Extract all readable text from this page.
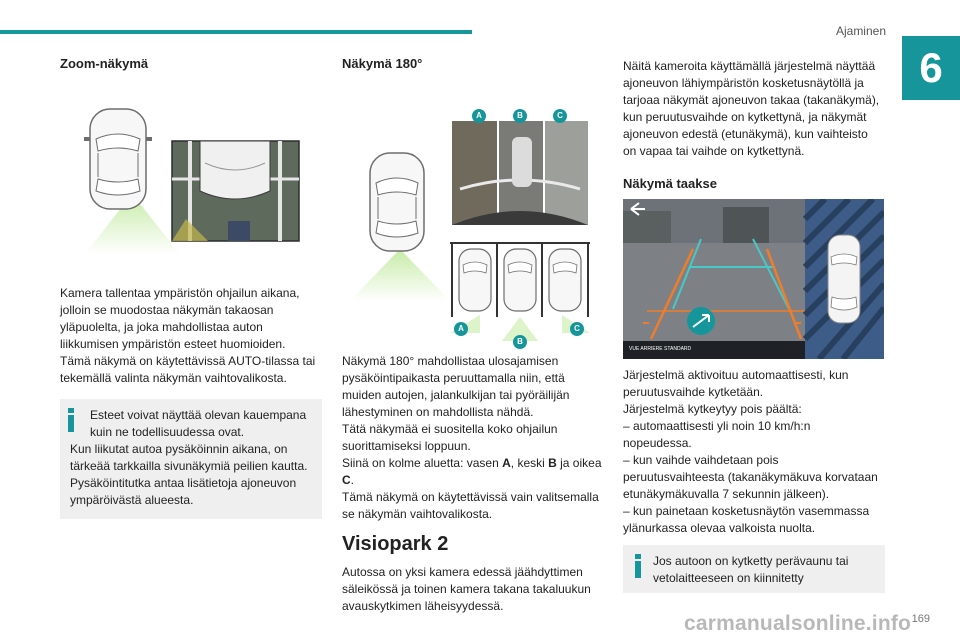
Ajaminen
6
Zoom-näkymä

Kamera tallentaa ympäristön ohjailun aikana,
jolloin se muodostaa näkymän takaosan
yläpuolelta, ja joka mahdollistaa auton
liikkumisen ympäristön esteet huomioiden.
Tämä näkymä on käytettävissä AUTO-tilassa tai
tekemällä valinta näkymän vaihtovalikosta.

Esteet voivat näyttää olevan kauempana
kuin ne todellisuudessa ovat.
Kun liikutat autoa pysäköinnin aikana, on
tärkeää tarkkailla sivunäkymiä peilien kautta.
Pysäköintitutka antaa lisätietoja ajoneuvon
ympäröivästä alueesta.
Näkymä 180°
A	B	C
A
B
C

Näkymä 180° mahdollistaa ulosajamisen
pysäköintipaikasta peruuttamalla niin, että
muiden autojen, jalankulkijan tai pyöräilijän
lähestyminen on mahdollista nähdä.
Tätä näkymää ei suositella koko ohjailun
suorittamiseksi loppuun.
Siinä on kolme aluetta: vasen A, keski B ja oikea
C.
Tämä näkymä on käytettävissä vain valitsemalla
se näkymän vaihtovalikosta.

Visiopark 2

Autossa on yksi kamera edessä jäähdyttimen
säleikössä ja toinen kamera takana takaluukun
avauskytkimen läheisyydessä.

Näitä kameroita käyttämällä järjestelmä näyttää
ajoneuvon lähiympäristön kosketusnäytöllä ja
tarjoaa näkymät ajoneuvon takaa (takanäkymä),
kun peruutusvaihde on kytkettynä, ja näkymät
ajoneuvon edestä (etunäkymä), kun vaihteisto
on vapaa tai vaihde on kytkettynä.

Näkymä taakse
VUE ARRIERE STANDARD

Järjestelmä aktivoituu automaattisesti, kun
peruutusvaihde kytketään.
Järjestelmä kytkeytyy pois päältä:
– automaattisesti yli noin 10 km/h:n
nopeudessa.
– kun vaihde vaihdetaan pois
peruutusvaihteesta (takanäkymäkuva korvataan
etunäkymäkuvalla 7 sekunnin jälkeen).
– kun painetaan kosketusnäytön vasemmassa
ylänurkassa olevaa valkoista nuolta.

Jos autoon on kytketty perävaunu tai
vetolaitteeseen on kiinnitetty
169
carmanualsonline.info
